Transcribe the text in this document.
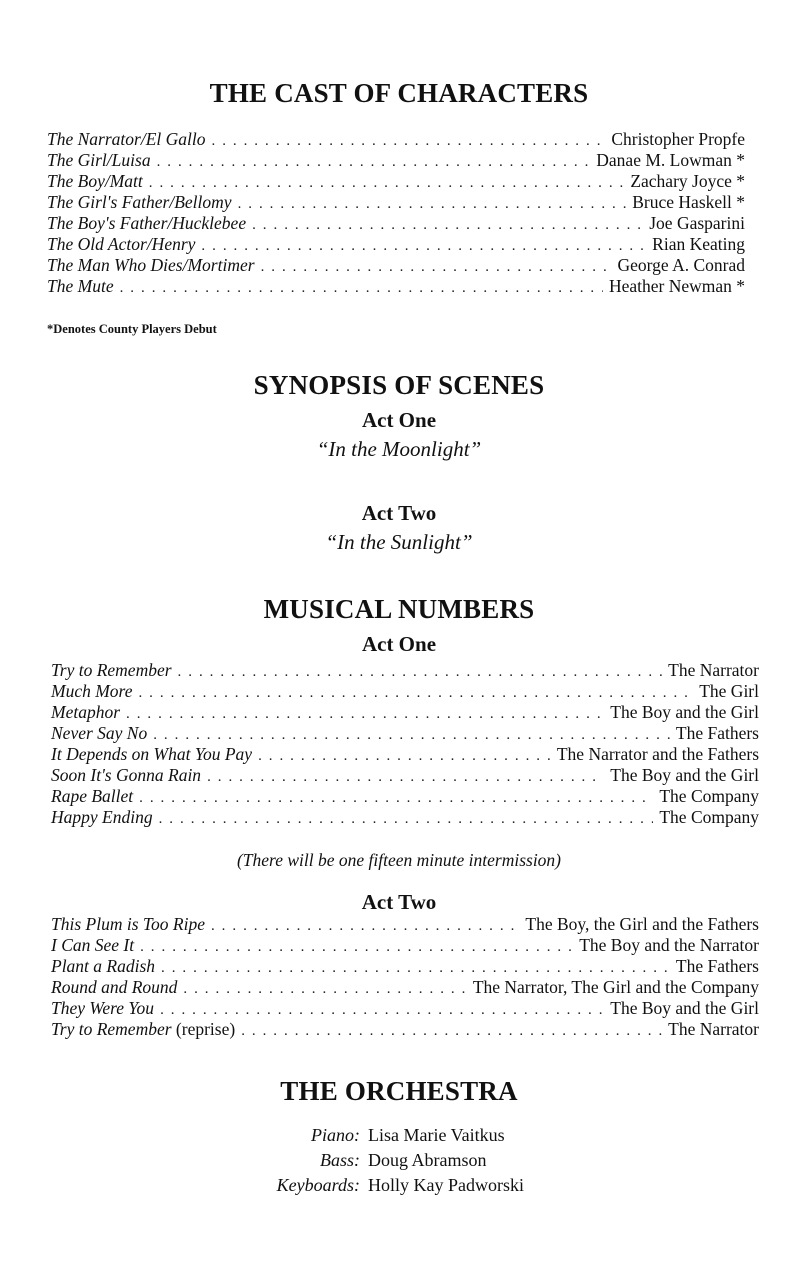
THE CAST OF CHARACTERS
The Narrator/El Gallo . . .	Christopher Propfe
The Girl/Luisa . . .	Danae M. Lowman *
The Boy/Matt . . .	Zachary Joyce *
The Girl's Father/Bellomy . . .	Bruce Haskell *
The Boy's Father/Hucklebee . . .	Joe Gasparini
The Old Actor/Henry . . .	Rian Keating
The Man Who Dies/Mortimer . . .	George A. Conrad
The Mute . . .	Heather Newman *
*Denotes County Players Debut
SYNOPSIS OF SCENES
Act One
“In the Moonlight”
Act Two
“In the Sunlight”
MUSICAL NUMBERS
Act One
Try to Remember . . .	The Narrator
Much More . . .	The Girl
Metaphor . . .	The Boy and the Girl
Never Say No . . .	The Fathers
It Depends on What You Pay . . .	The Narrator and the Fathers
Soon It's Gonna Rain . . .	The Boy and the Girl
Rape Ballet . . .	The Company
Happy Ending . . .	The Company
(There will be one fifteen minute intermission)
Act Two
This Plum is Too Ripe . . .	The Boy, the Girl and the Fathers
I Can See It . . .	The Boy and the Narrator
Plant a Radish . . .	The Fathers
Round and Round . . .	The Narrator, The Girl and the Company
They Were You . . .	The Boy and the Girl
Try to Remember (reprise) . . .	The Narrator
THE ORCHESTRA
Piano: Lisa Marie Vaitkus
Bass: Doug Abramson
Keyboards: Holly Kay Padworski
